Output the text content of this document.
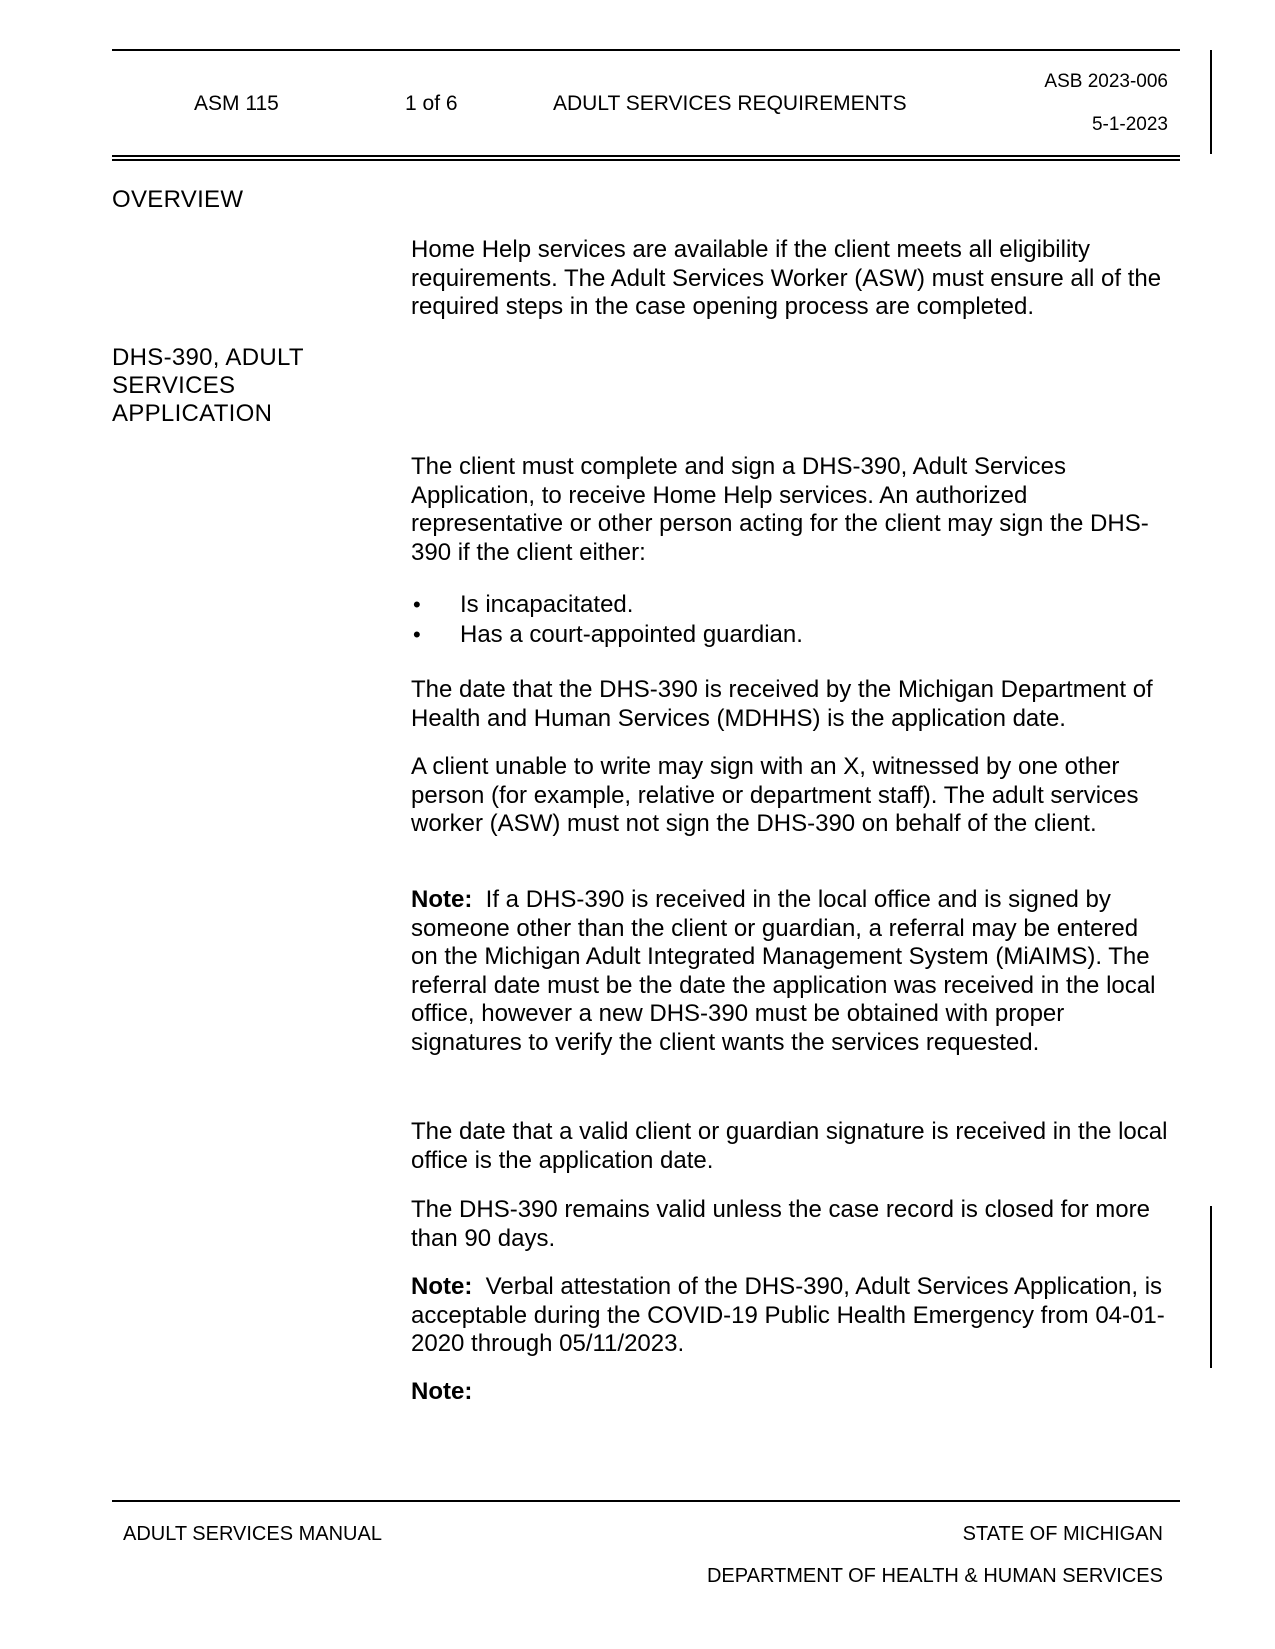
ASM 115	1 of 6	ADULT SERVICES REQUIREMENTS
ASB 2023-006
5-1-2023
OVERVIEW

Home Help services are available if the client meets all eligibility requirements. The Adult Services Worker (ASW) must ensure all of the required steps in the case opening process are completed.

DHS-390, ADULT
SERVICES
APPLICATION

The client must complete and sign a DHS-390, Adult Services Application, to receive Home Help services. An authorized representative or other person acting for the client may sign the DHS-390 if the client either:

• Is incapacitated.
• Has a court-appointed guardian.

The date that the DHS-390 is received by the Michigan Department of Health and Human Services (MDHHS) is the application date.

A client unable to write may sign with an X, witnessed by one other person (for example, relative or department staff). The adult services worker (ASW) must not sign the DHS-390 on behalf of the client.

Note: If a DHS-390 is received in the local office and is signed by someone other than the client or guardian, a referral may be entered on the Michigan Adult Integrated Management System (MiAIMS). The referral date must be the date the application was received in the local office, however a new DHS-390 must be obtained with proper signatures to verify the client wants the services requested.

The date that a valid client or guardian signature is received in the local office is the application date.

The DHS-390 remains valid unless the case record is closed for more than 90 days.

Note: Verbal attestation of the DHS-390, Adult Services Application, is acceptable during the COVID-19 Public Health Emergency from 04-01-2020 through 05/11/2023.

Note:

ADULT SERVICES MANUAL	STATE OF MICHIGAN
DEPARTMENT OF HEALTH & HUMAN SERVICES
